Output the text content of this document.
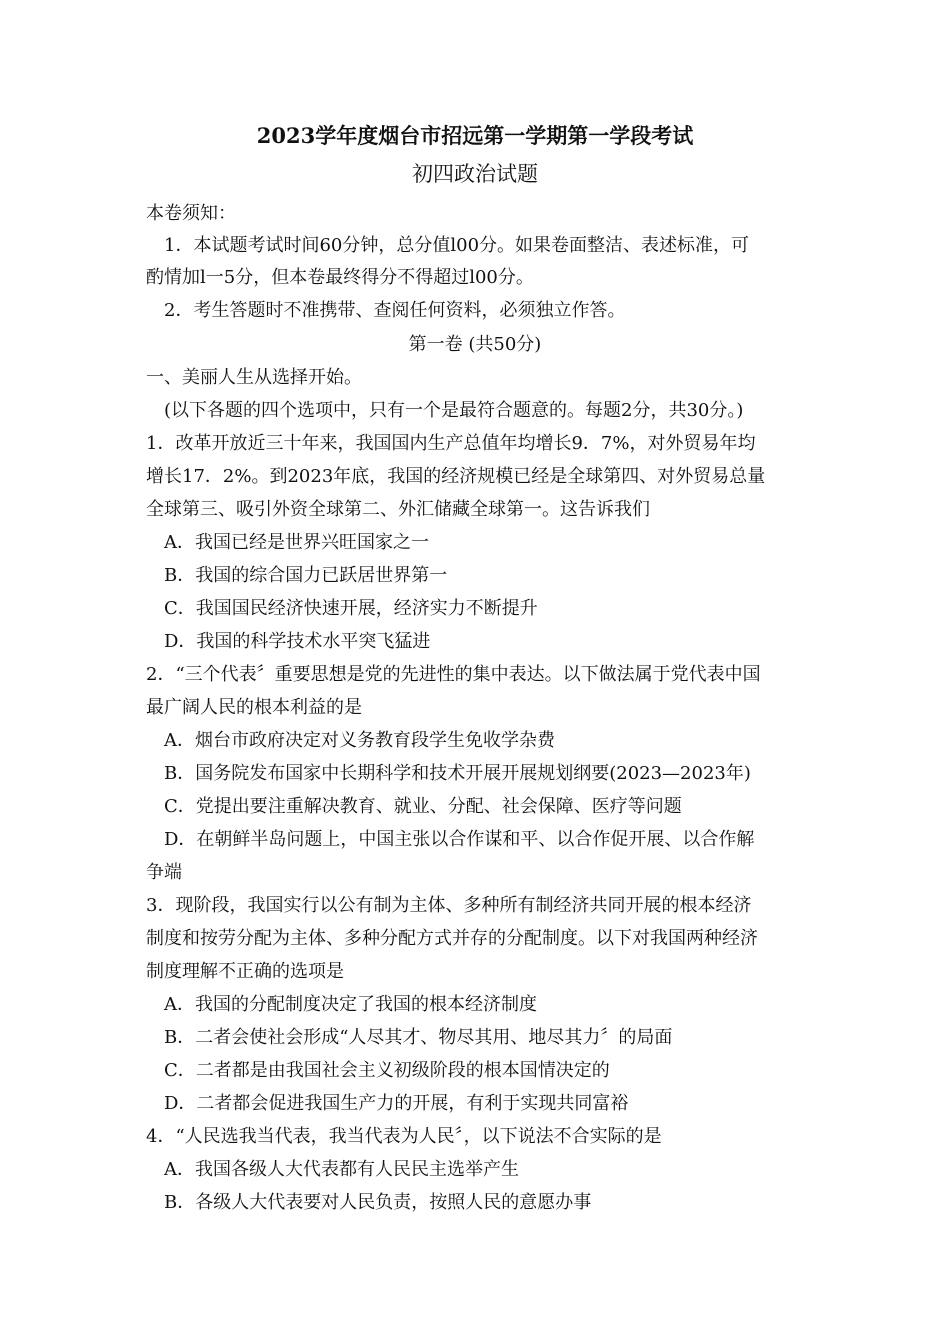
2023学年度烟台市招远第一学期第一学段考试
初四政治试题
本卷须知：
1．本试题考试时间60分钟，总分值l00分。如果卷面整洁、表述标准，可
酌情加l一5分，但本卷最终得分不得超过l00分。
2．考生答题时不准携带、查阅任何资料，必须独立作答。
第一卷 (共50分)
一、美丽人生从选择开始。
(以下各题的四个选项中，只有一个是最符合题意的。每题2分，共30分。)
1．改革开放近三十年来，我国国内生产总值年均增长9．7%，对外贸易年均
增长17．2%。到2023年底，我国的经济规模已经是全球第四、对外贸易总量
全球第三、吸引外资全球第二、外汇储藏全球第一。这告诉我们
A．我国已经是世界兴旺国家之一
B．我国的综合国力已跃居世界第一
C．我国国民经济快速开展，经济实力不断提升
D．我国的科学技术水平突飞猛进
2．“三个代表〞重要思想是党的先进性的集中表达。以下做法属于党代表中国
最广阔人民的根本利益的是
A．烟台市政府决定对义务教育段学生免收学杂费
B．国务院发布国家中长期科学和技术开展开展规划纲要(2023—2023年)
C．党提出要注重解决教育、就业、分配、社会保障、医疗等问题
D．在朝鲜半岛问题上，中国主张以合作谋和平、以合作促开展、以合作解
争端
3．现阶段，我国实行以公有制为主体、多种所有制经济共同开展的根本经济
制度和按劳分配为主体、多种分配方式并存的分配制度。以下对我国两种经济
制度理解不正确的选项是
A．我国的分配制度决定了我国的根本经济制度
B．二者会使社会形成“人尽其才、物尽其用、地尽其力〞的局面
C．二者都是由我国社会主义初级阶段的根本国情决定的
D．二者都会促进我国生产力的开展，有利于实现共同富裕
4．“人民选我当代表，我当代表为人民〞，以下说法不合实际的是
A．我国各级人大代表都有人民民主选举产生
B．各级人大代表要对人民负责，按照人民的意愿办事
